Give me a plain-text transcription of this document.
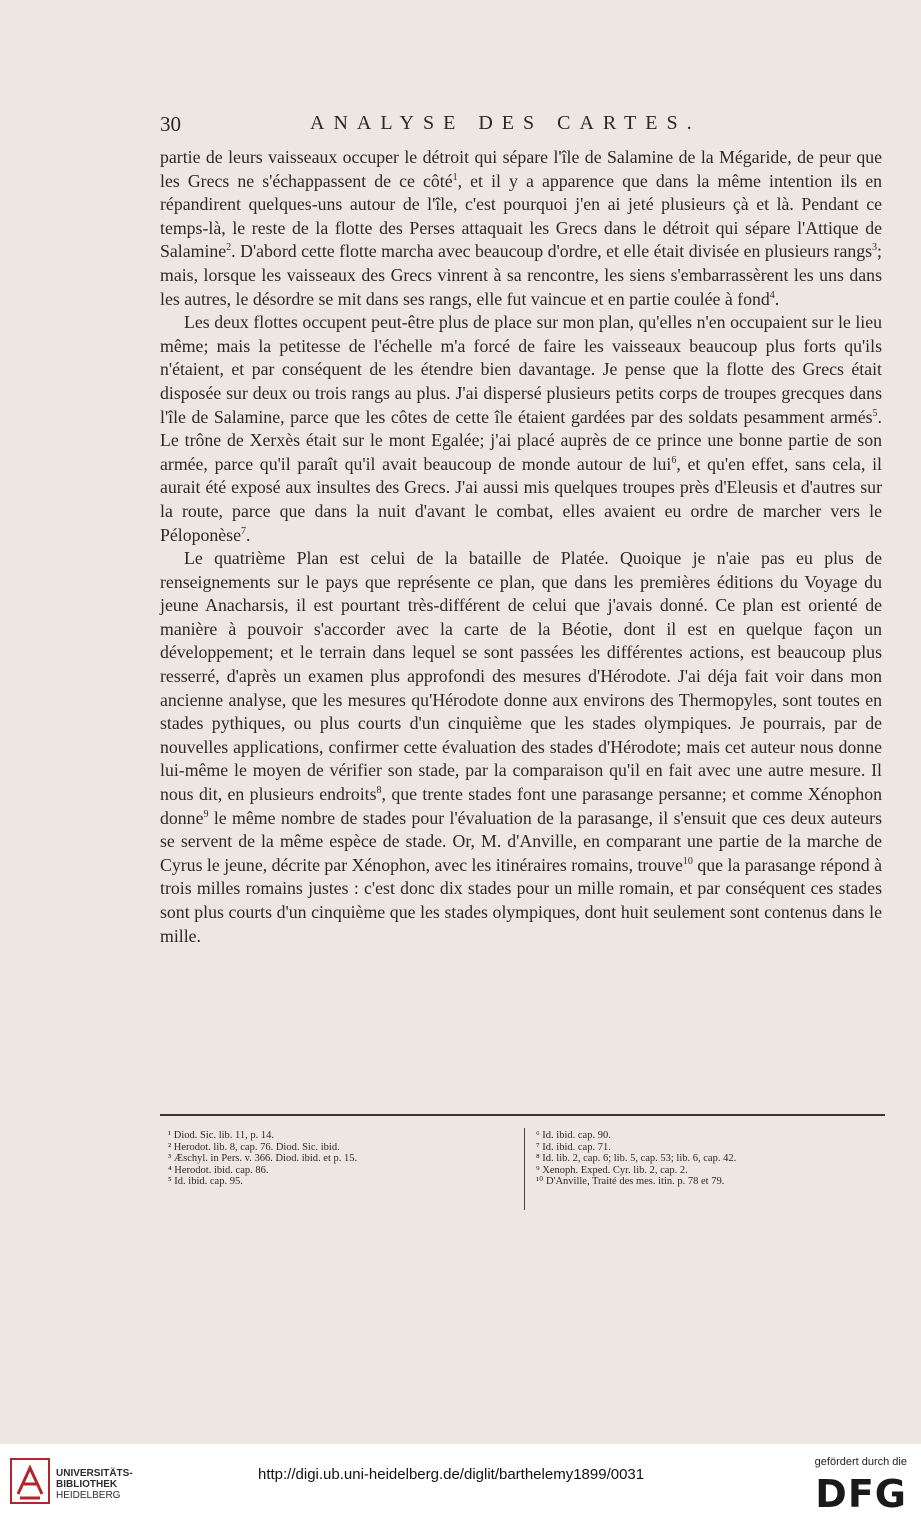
30	ANALYSE DES CARTES.

partie de leurs vaisseaux occuper le détroit qui sépare l'île de Salamine de la Mégaride, de peur que les Grecs ne s'échappassent de ce côté$^1$, et il y a apparence que dans la même intention ils en répandirent quelques-uns autour de l'île, c'est pourquoi j'en ai jeté plusieurs çà et là. Pendant ce temps-là, le reste de la flotte des Perses attaquait les Grecs dans le détroit qui sépare l'Attique de Salamine$^2$. D'abord cette flotte marcha avec beaucoup d'ordre, et elle était divisée en plusieurs rangs$^3$; mais, lorsque les vaisseaux des Grecs vinrent à sa rencontre, les siens s'embarrassèrent les uns dans les autres, le désordre se mit dans ses rangs, elle fut vaincue et en partie coulée à fond$^4$.

Les deux flottes occupent peut-être plus de place sur mon plan, qu'elles n'en occupaient sur le lieu même; mais la petitesse de l'échelle m'a forcé de faire les vaisseaux beaucoup plus forts qu'ils n'étaient, et par conséquent de les étendre bien davantage. Je pense que la flotte des Grecs était disposée sur deux ou trois rangs au plus. J'ai dispersé plusieurs petits corps de troupes grecques dans l'île de Salamine, parce que les côtes de cette île étaient gardées par des soldats pesamment armés$^5$. Le trône de Xerxès était sur le mont Egalée; j'ai placé auprès de ce prince une bonne partie de son armée, parce qu'il paraît qu'il avait beaucoup de monde autour de lui$^6$, et qu'en effet, sans cela, il aurait été exposé aux insultes des Grecs. J'ai aussi mis quelques troupes près d'Eleusis et d'autres sur la route, parce que dans la nuit d'avant le combat, elles avaient eu ordre de marcher vers le Péloponèse$^7$.

Le quatrième Plan est celui de la bataille de Platée. Quoique je n'aie pas eu plus de renseignements sur le pays que représente ce plan, que dans les premières éditions du Voyage du jeune Anacharsis, il est pourtant très-différent de celui que j'avais donné. Ce plan est orienté de manière à pouvoir s'accorder avec la carte de la Béotie, dont il est en quelque façon un développement; et le terrain dans lequel se sont passées les différentes actions, est beaucoup plus resserré, d'après un examen plus approfondi des mesures d'Hérodote. J'ai déja fait voir dans mon ancienne analyse, que les mesures qu'Hérodote donne aux environs des Thermopyles, sont toutes en stades pythiques, ou plus courts d'un cinquième que les stades olympiques. Je pourrais, par de nouvelles applications, confirmer cette évaluation des stades d'Hérodote; mais cet auteur nous donne lui-même le moyen de vérifier son stade, par la comparaison qu'il en fait avec une autre mesure. Il nous dit, en plusieurs endroits$^8$, que trente stades font une parasange persanne; et comme Xénophon donne$^9$ le même nombre de stades pour l'évaluation de la parasange, il s'ensuit que ces deux auteurs se servent de la même espèce de stade. Or, M. d'Anville, en comparant une partie de la marche de Cyrus le jeune, décrite par Xénophon, avec les itinéraires romains, trouve$^{10}$ que la parasange répond à trois milles romains justes : c'est donc dix stades pour un mille romain, et par conséquent ces stades sont plus courts d'un cinquième que les stades olympiques, dont huit seulement sont contenus dans le mille.

¹ Diod. Sic. lib. 11, p. 14.
² Herodot. lib. 8, cap. 76. Diod. Sic. ibid.
³ Æschyl. in Pers. v. 366. Diod. ibid. et p. 15.
⁴ Herodot. ibid. cap. 86.
⁵ Id. ibid. cap. 95.
⁶ Id. ibid. cap. 90.
⁷ Id. ibid. cap. 71.
⁸ Id. lib. 2, cap. 6; lib. 5, cap. 53; lib. 6, cap. 42.
⁹ Xenoph. Exped. Cyr. lib. 2, cap. 2.
¹⁰ D'Anville, Traité des mes. itin. p. 78 et 79.
UNIVERSITÄTS-
BIBLIOTHEK
HEIDELBERG
http://digi.ub.uni-heidelberg.de/diglit/barthelemy1899/0031
gefördert durch die
DFG
